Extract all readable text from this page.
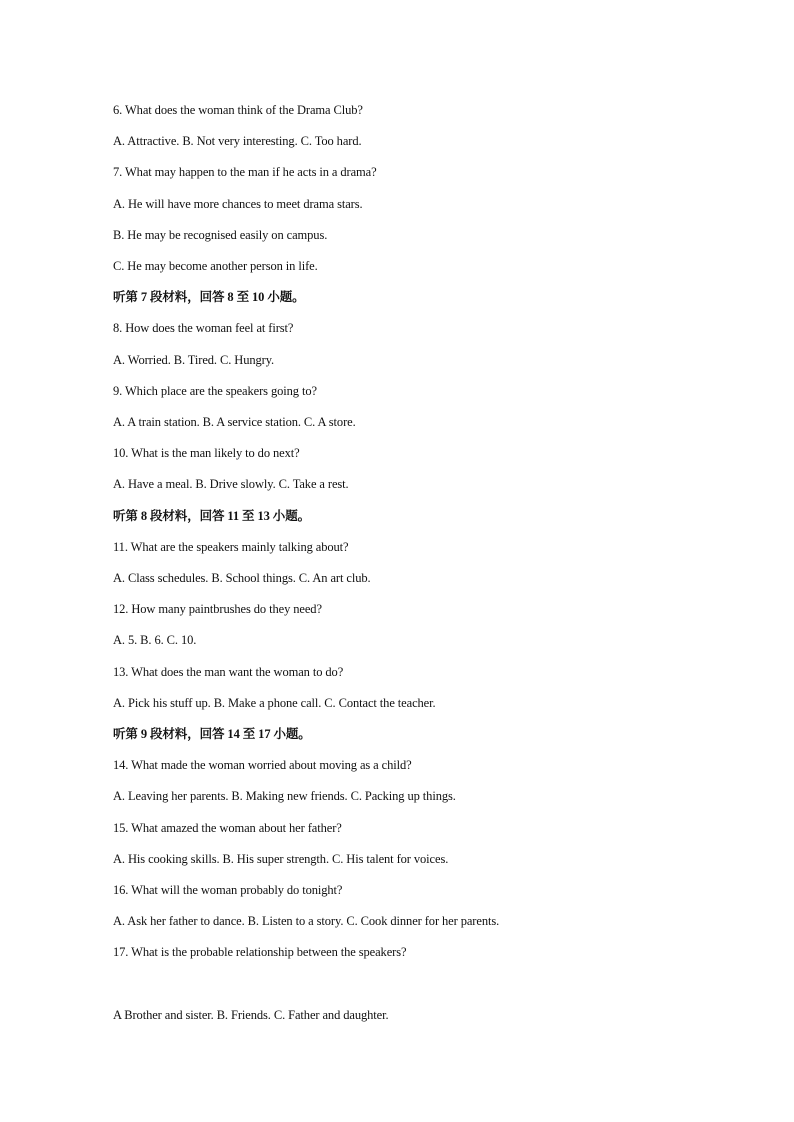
6. What does the woman think of the Drama Club?
A. Attractive. B. Not very interesting. C. Too hard.
7. What may happen to the man if he acts in a drama?
A. He will have more chances to meet drama stars.
B. He may be recognised easily on campus.
C. He may become another person in life.
听第 7 段材料，回答 8 至 10 小题。
8. How does the woman feel at first?
A. Worried. B. Tired. C. Hungry.
9. Which place are the speakers going to?
A. A train station. B. A service station. C. A store.
10. What is the man likely to do next?
A. Have a meal. B. Drive slowly. C. Take a rest.
听第 8 段材料，回答 11 至 13 小题。
11. What are the speakers mainly talking about?
A. Class schedules. B. School things. C. An art club.
12. How many paintbrushes do they need?
A. 5. B. 6. C. 10.
13. What does the man want the woman to do?
A. Pick his stuff up. B. Make a phone call. C. Contact the teacher.
听第 9 段材料，回答 14 至 17 小题。
14. What made the woman worried about moving as a child?
A. Leaving her parents. B. Making new friends. C. Packing up things.
15. What amazed the woman about her father?
A. His cooking skills. B. His super strength. C. His talent for voices.
16. What will the woman probably do tonight?
A. Ask her father to dance. B. Listen to a story. C. Cook dinner for her parents.
17. What is the probable relationship between the speakers?
A Brother and sister. B. Friends. C. Father and daughter.
